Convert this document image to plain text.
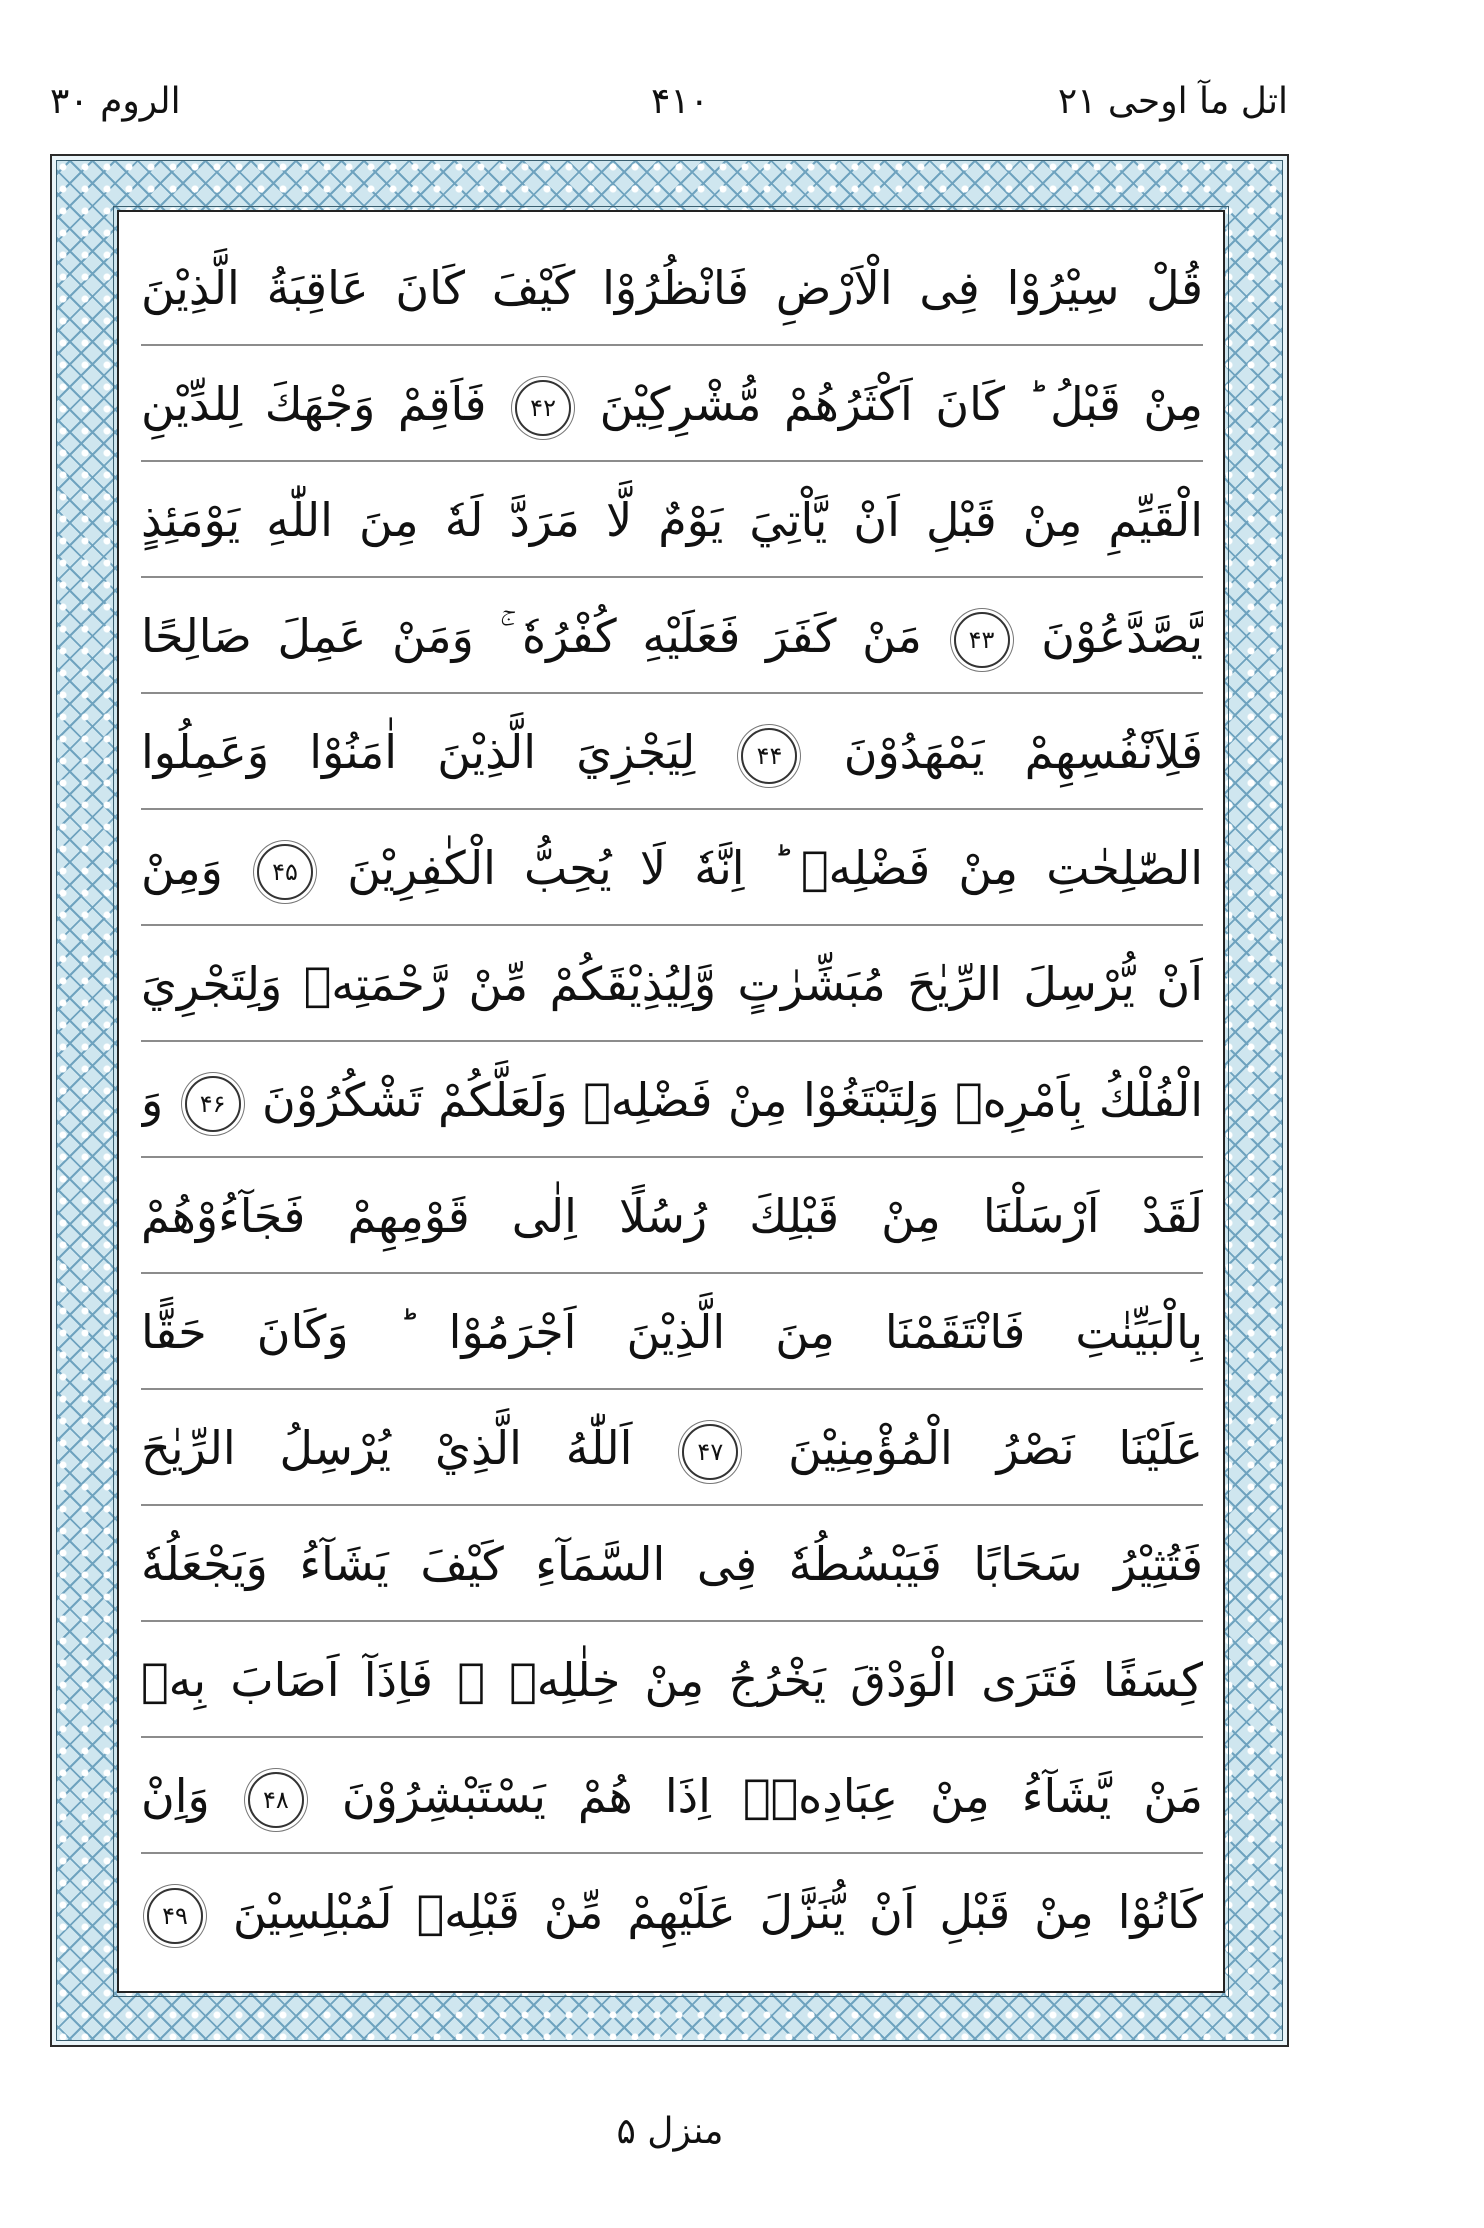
اتل مآ اوحی ۲۱
۴۱۰
الروم ۳۰
قُلْ سِيْرُوْا فِى الْاَرْضِ فَانْظُرُوْا كَيْفَ كَانَ عَاقِبَةُ الَّذِيْنَ
مِنْ قَبْلُ ؕ كَانَ اَكْثَرُهُمْ مُّشْرِكِيْنَ ۴۲ فَاَقِمْ وَجْهَكَ لِلدِّيْنِ
الْقَيِّمِ مِنْ قَبْلِ اَنْ يَّاْتِيَ يَوْمٌ لَّا مَرَدَّ لَهٗ مِنَ اللّٰهِ يَوْمَئِذٍ
يَّصَّدَّعُوْنَ ۴۳ مَنْ كَفَرَ فَعَلَيْهِ كُفْرُهٗ ۚ وَمَنْ عَمِلَ صَالِحًا
فَلِاَنْفُسِهِمْ يَمْهَدُوْنَ ۴۴ لِيَجْزِيَ الَّذِيْنَ اٰمَنُوْا وَعَمِلُوا
الصّٰلِحٰتِ مِنْ فَضْلِهٖ ؕ اِنَّهٗ لَا يُحِبُّ الْكٰفِرِيْنَ ۴۵ وَمِنْ
اَنْ يُّرْسِلَ الرِّيٰحَ مُبَشِّرٰتٍ وَّلِيُذِيْقَكُمْ مِّنْ رَّحْمَتِهٖ وَلِتَجْرِيَ
الْفُلْكُ بِاَمْرِهٖ وَلِتَبْتَغُوْا مِنْ فَضْلِهٖ وَلَعَلَّكُمْ تَشْكُرُوْنَ ۴۶ وَ
لَقَدْ اَرْسَلْنَا مِنْ قَبْلِكَ رُسُلًا اِلٰى قَوْمِهِمْ فَجَآءُوْهُمْ
بِالْبَيِّنٰتِ فَانْتَقَمْنَا مِنَ الَّذِيْنَ اَجْرَمُوْا ؕ وَكَانَ حَقًّا
عَلَيْنَا نَصْرُ الْمُؤْمِنِيْنَ ۴۷ اَللّٰهُ الَّذِيْ يُرْسِلُ الرِّيٰحَ
فَتُثِيْرُ سَحَابًا فَيَبْسُطُهٗ فِى السَّمَآءِ كَيْفَ يَشَآءُ وَيَجْعَلُهٗ
كِسَفًا فَتَرَى الْوَدْقَ يَخْرُجُ مِنْ خِلٰلِهٖ ۚ فَاِذَآ اَصَابَ بِهٖ
مَنْ يَّشَآءُ مِنْ عِبَادِهٖۤ اِذَا هُمْ يَسْتَبْشِرُوْنَ ۴۸ وَاِنْ
كَانُوْا مِنْ قَبْلِ اَنْ يُّنَزَّلَ عَلَيْهِمْ مِّنْ قَبْلِهٖ لَمُبْلِسِيْنَ ۴۹
منزل ۵
